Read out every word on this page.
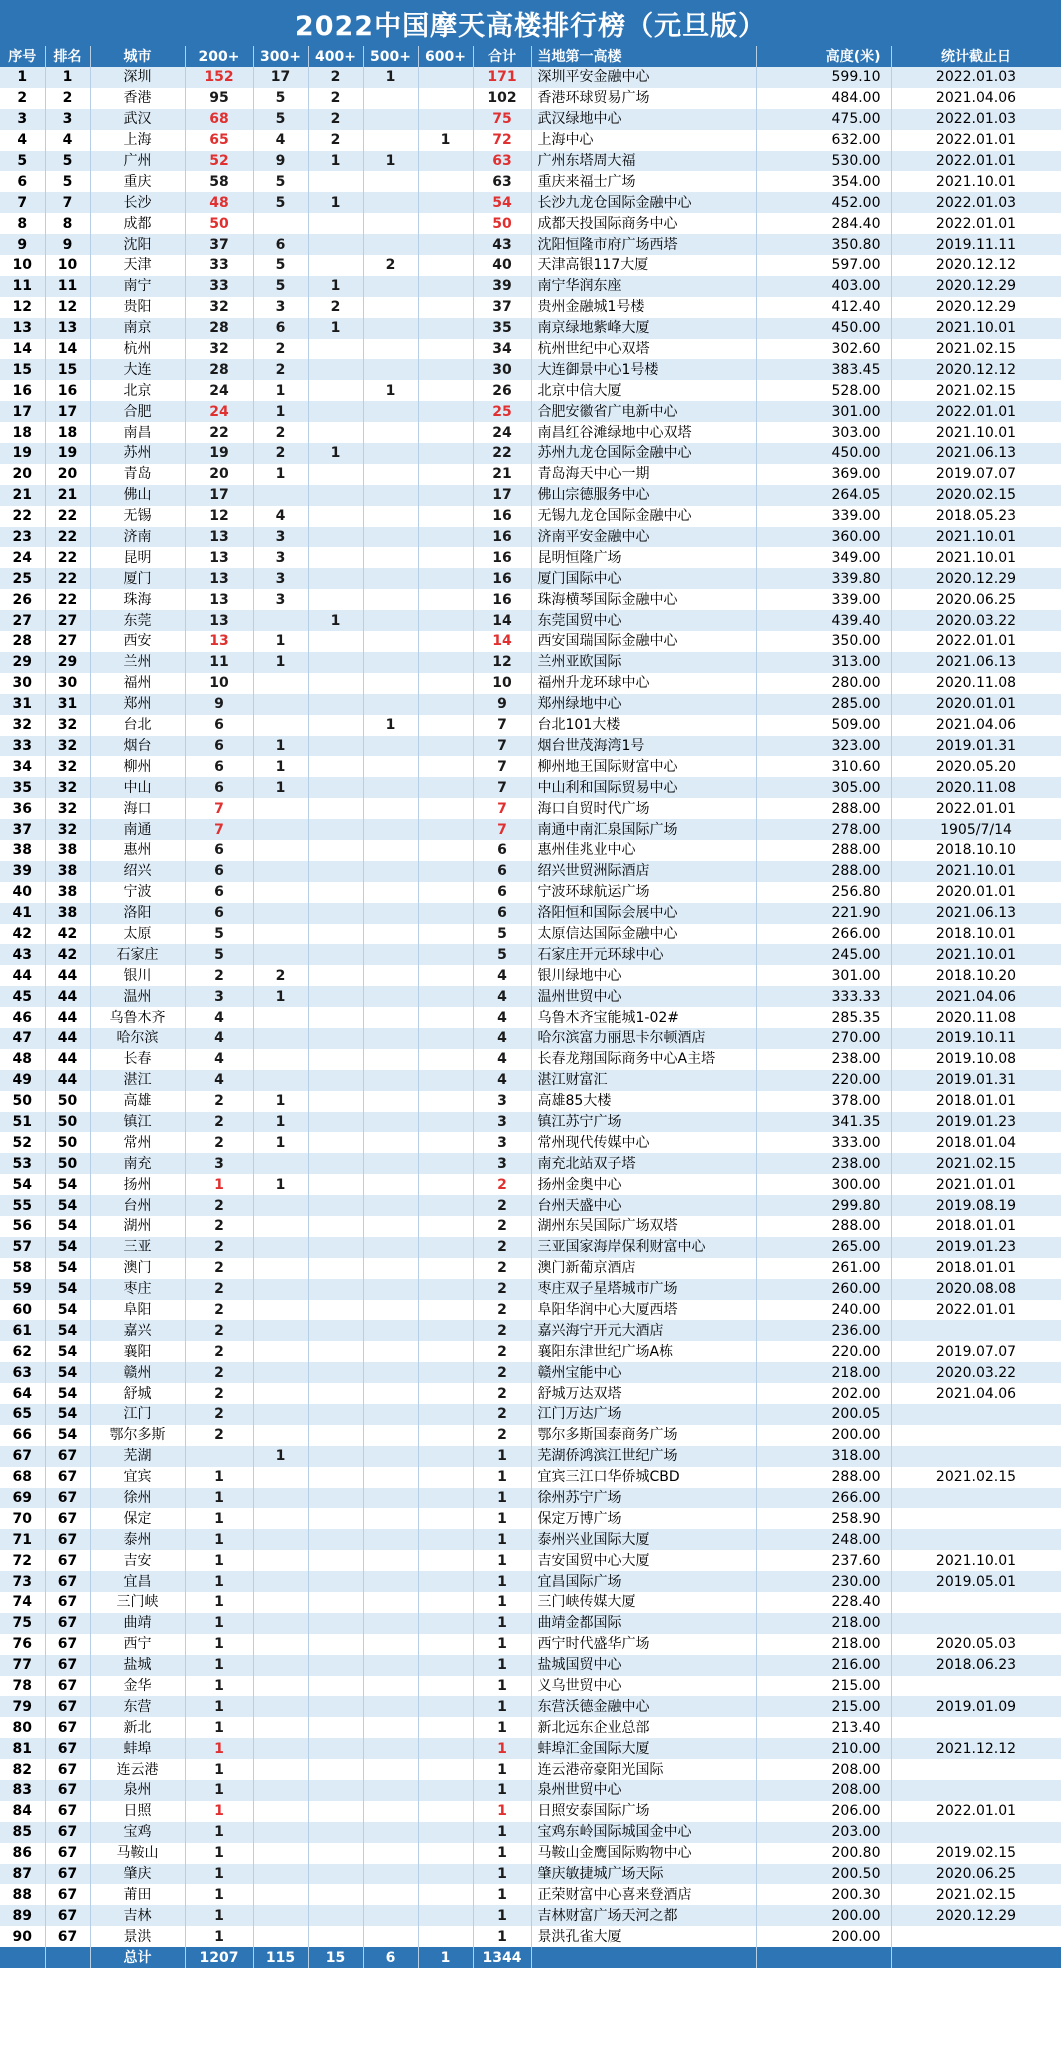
2022中国摩天高楼排行榜（元旦版）
序号	排名	城市	200+	300+	400+	500+	600+	合计	当地第一高楼	高度(米)	统计截止日
1	1	深圳	152	17	2	1		171	深圳平安金融中心	599.10	2022.01.03
2	2	香港	95	5	2			102	香港环球贸易广场	484.00	2021.04.06
3	3	武汉	68	5	2			75	武汉绿地中心	475.00	2022.01.03
4	4	上海	65	4	2		1	72	上海中心	632.00	2022.01.01
5	5	广州	52	9	1	1		63	广州东塔周大福	530.00	2022.01.01
6	5	重庆	58	5				63	重庆来福士广场	354.00	2021.10.01
7	7	长沙	48	5	1			54	长沙九龙仓国际金融中心	452.00	2022.01.03
8	8	成都	50					50	成都天投国际商务中心	284.40	2022.01.01
9	9	沈阳	37	6				43	沈阳恒隆市府广场西塔	350.80	2019.11.11
10	10	天津	33	5		2		40	天津高银117大厦	597.00	2020.12.12
11	11	南宁	33	5	1			39	南宁华润东座	403.00	2020.12.29
12	12	贵阳	32	3	2			37	贵州金融城1号楼	412.40	2020.12.29
13	13	南京	28	6	1			35	南京绿地紫峰大厦	450.00	2021.10.01
14	14	杭州	32	2				34	杭州世纪中心双塔	302.60	2021.02.15
15	15	大连	28	2				30	大连御景中心1号楼	383.45	2020.12.12
16	16	北京	24	1		1		26	北京中信大厦	528.00	2021.02.15
17	17	合肥	24	1				25	合肥安徽省广电新中心	301.00	2022.01.01
18	18	南昌	22	2				24	南昌红谷滩绿地中心双塔	303.00	2021.10.01
19	19	苏州	19	2	1			22	苏州九龙仓国际金融中心	450.00	2021.06.13
20	20	青岛	20	1				21	青岛海天中心一期	369.00	2019.07.07
21	21	佛山	17					17	佛山宗德服务中心	264.05	2020.02.15
22	22	无锡	12	4				16	无锡九龙仓国际金融中心	339.00	2018.05.23
23	22	济南	13	3				16	济南平安金融中心	360.00	2021.10.01
24	22	昆明	13	3				16	昆明恒隆广场	349.00	2021.10.01
25	22	厦门	13	3				16	厦门国际中心	339.80	2020.12.29
26	22	珠海	13	3				16	珠海横琴国际金融中心	339.00	2020.06.25
27	27	东莞	13		1			14	东莞国贸中心	439.40	2020.03.22
28	27	西安	13	1				14	西安国瑞国际金融中心	350.00	2022.01.01
29	29	兰州	11	1				12	兰州亚欧国际	313.00	2021.06.13
30	30	福州	10					10	福州升龙环球中心	280.00	2020.11.08
31	31	郑州	9					9	郑州绿地中心	285.00	2020.01.01
32	32	台北	6			1		7	台北101大楼	509.00	2021.04.06
33	32	烟台	6	1				7	烟台世茂海湾1号	323.00	2019.01.31
34	32	柳州	6	1				7	柳州地王国际财富中心	310.60	2020.05.20
35	32	中山	6	1				7	中山利和国际贸易中心	305.00	2020.11.08
36	32	海口	7					7	海口自贸时代广场	288.00	2022.01.01
37	32	南通	7					7	南通中南汇泉国际广场	278.00	1905/7/14
38	38	惠州	6					6	惠州佳兆业中心	288.00	2018.10.10
39	38	绍兴	6					6	绍兴世贸洲际酒店	288.00	2021.10.01
40	38	宁波	6					6	宁波环球航运广场	256.80	2020.01.01
41	38	洛阳	6					6	洛阳恒和国际会展中心	221.90	2021.06.13
42	42	太原	5					5	太原信达国际金融中心	266.00	2018.10.01
43	42	石家庄	5					5	石家庄开元环球中心	245.00	2021.10.01
44	44	银川	2	2				4	银川绿地中心	301.00	2018.10.20
45	44	温州	3	1				4	温州世贸中心	333.33	2021.04.06
46	44	乌鲁木齐	4					4	乌鲁木齐宝能城1-02#	285.35	2020.11.08
47	44	哈尔滨	4					4	哈尔滨富力丽思卡尔顿酒店	270.00	2019.10.11
48	44	长春	4					4	长春龙翔国际商务中心A主塔	238.00	2019.10.08
49	44	湛江	4					4	湛江财富汇	220.00	2019.01.31
50	50	高雄	2	1				3	高雄85大楼	378.00	2018.01.01
51	50	镇江	2	1				3	镇江苏宁广场	341.35	2019.01.23
52	50	常州	2	1				3	常州现代传媒中心	333.00	2018.01.04
53	50	南充	3					3	南充北站双子塔	238.00	2021.02.15
54	54	扬州	1	1				2	扬州金奥中心	300.00	2021.01.01
55	54	台州	2					2	台州天盛中心	299.80	2019.08.19
56	54	湖州	2					2	湖州东吴国际广场双塔	288.00	2018.01.01
57	54	三亚	2					2	三亚国家海岸保利财富中心	265.00	2019.01.23
58	54	澳门	2					2	澳门新葡京酒店	261.00	2018.01.01
59	54	枣庄	2					2	枣庄双子星塔城市广场	260.00	2020.08.08
60	54	阜阳	2					2	阜阳华润中心大厦西塔	240.00	2022.01.01
61	54	嘉兴	2					2	嘉兴海宁开元大酒店	236.00	
62	54	襄阳	2					2	襄阳东津世纪广场A栋	220.00	2019.07.07
63	54	赣州	2					2	赣州宝能中心	218.00	2020.03.22
64	54	舒城	2					2	舒城万达双塔	202.00	2021.04.06
65	54	江门	2					2	江门万达广场	200.05	
66	54	鄂尔多斯	2					2	鄂尔多斯国泰商务广场	200.00	
67	67	芜湖		1				1	芜湖侨鸿滨江世纪广场	318.00	
68	67	宜宾	1					1	宜宾三江口华侨城CBD	288.00	2021.02.15
69	67	徐州	1					1	徐州苏宁广场	266.00	
70	67	保定	1					1	保定万博广场	258.90	
71	67	泰州	1					1	泰州兴业国际大厦	248.00	
72	67	吉安	1					1	吉安国贸中心大厦	237.60	2021.10.01
73	67	宜昌	1					1	宜昌国际广场	230.00	2019.05.01
74	67	三门峡	1					1	三门峡传媒大厦	228.40	
75	67	曲靖	1					1	曲靖金都国际	218.00	
76	67	西宁	1					1	西宁时代盛华广场	218.00	2020.05.03
77	67	盐城	1					1	盐城国贸中心	216.00	2018.06.23
78	67	金华	1					1	义乌世贸中心	215.00	
79	67	东营	1					1	东营沃德金融中心	215.00	2019.01.09
80	67	新北	1					1	新北远东企业总部	213.40	
81	67	蚌埠	1					1	蚌埠汇金国际大厦	210.00	2021.12.12
82	67	连云港	1					1	连云港帝豪阳光国际	208.00	
83	67	泉州	1					1	泉州世贸中心	208.00	
84	67	日照	1					1	日照安泰国际广场	206.00	2022.01.01
85	67	宝鸡	1					1	宝鸡东岭国际城国金中心	203.00	
86	67	马鞍山	1					1	马鞍山金鹰国际购物中心	200.80	2019.02.15
87	67	肇庆	1					1	肇庆敏捷城广场天际	200.50	2020.06.25
88	67	莆田	1					1	正荣财富中心喜来登酒店	200.30	2021.02.15
89	67	吉林	1					1	吉林财富广场天河之都	200.00	2020.12.29
90	67	景洪	1					1	景洪孔雀大厦	200.00	
		总计	1207	115	15	6	1	1344			
聚汇数据
